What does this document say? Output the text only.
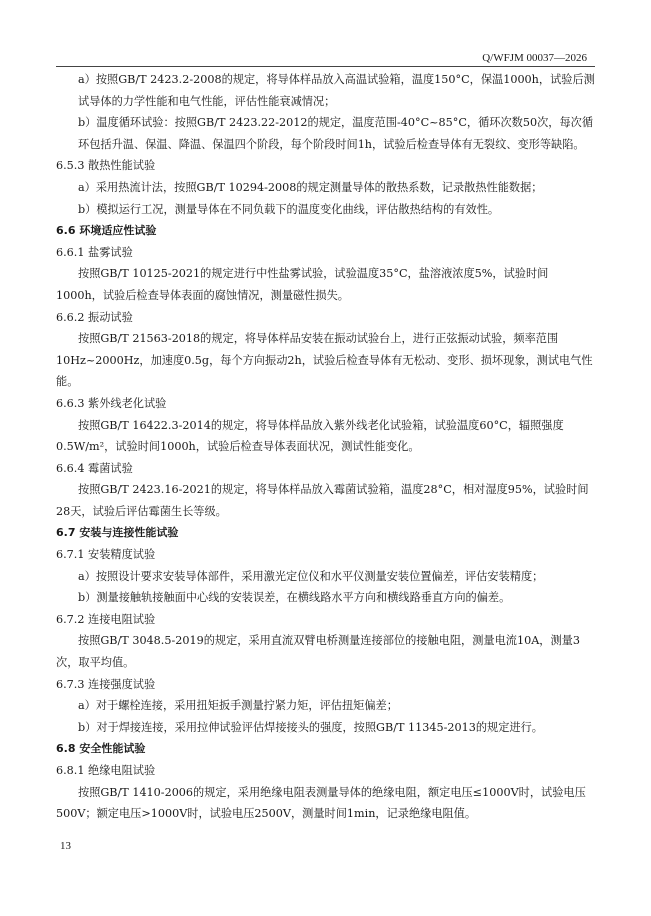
Q/WFJM 00037—2026

a）按照GB/T 2423.2-2008的规定，将导体样品放入高温试验箱，温度150°C，保温1000h，试验后测试导体的力学性能和电气性能，评估性能衰减情况；

b）温度循环试验：按照GB/T 2423.22-2012的规定，温度范围-40°C~85°C，循环次数50次，每次循环包括升温、保温、降温、保温四个阶段，每个阶段时间1h，试验后检查导体有无裂纹、变形等缺陷。

6.5.3 散热性能试验

a）采用热流计法，按照GB/T 10294-2008的规定测量导体的散热系数，记录散热性能数据；

b）模拟运行工况，测量导体在不同负载下的温度变化曲线，评估散热结构的有效性。

6.6 环境适应性试验

6.6.1 盐雾试验

按照GB/T 10125-2021的规定进行中性盐雾试验，试验温度35°C，盐溶液浓度5%，试验时间1000h，试验后检查导体表面的腐蚀情况，测量磁性损失。

6.6.2 振动试验

按照GB/T 21563-2018的规定，将导体样品安装在振动试验台上，进行正弦振动试验，频率范围10Hz~2000Hz，加速度0.5g，每个方向振动2h，试验后检查导体有无松动、变形、损坏现象，测试电气性能。

6.6.3 紫外线老化试验

按照GB/T 16422.3-2014的规定，将导体样品放入紫外线老化试验箱，试验温度60°C，辐照强度0.5W/m²，试验时间1000h，试验后检查导体表面状况，测试性能变化。

6.6.4 霉菌试验

按照GB/T 2423.16-2021的规定，将导体样品放入霉菌试验箱，温度28°C，相对湿度95%，试验时间28天，试验后评估霉菌生长等级。

6.7 安装与连接性能试验

6.7.1 安装精度试验

a）按照设计要求安装导体部件，采用激光定位仪和水平仪测量安装位置偏差，评估安装精度；

b）测量接触轨接触面中心线的安装误差，在横线路水平方向和横线路垂直方向的偏差。

6.7.2 连接电阻试验

按照GB/T 3048.5-2019的规定，采用直流双臂电桥测量连接部位的接触电阻，测量电流10A，测量3次，取平均值。

6.7.3 连接强度试验

a）对于螺栓连接，采用扭矩扳手测量拧紧力矩，评估扭矩偏差；

b）对于焊接连接，采用拉伸试验评估焊接接头的强度，按照GB/T 11345-2013的规定进行。

6.8 安全性能试验

6.8.1 绝缘电阻试验

按照GB/T 1410-2006的规定，采用绝缘电阻表测量导体的绝缘电阻，额定电压≤1000V时，试验电压500V；额定电压>1000V时，试验电压2500V，测量时间1min，记录绝缘电阻值。

13
